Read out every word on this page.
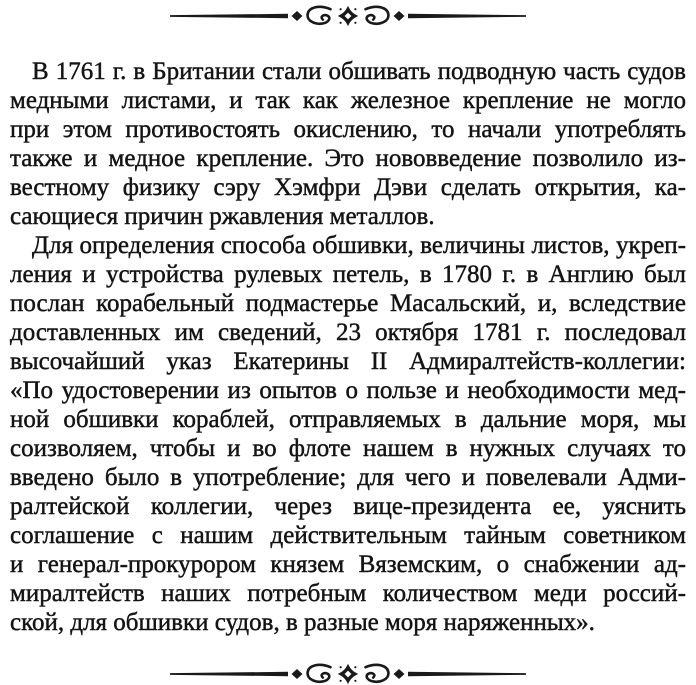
В 1761 г. в Британии стали обшивать подводную часть судов
медными листами, и так как железное крепление не могло
при этом противостоять окислению, то начали употреблять
также и медное крепление. Это нововведение позволило из-
вестному физику сэру Хэмфри Дэви сделать открытия, ка-
сающиеся причин ржавления металлов.
Для определения способа обшивки, величины листов, укреп-
ления и устройства рулевых петель, в 1780 г. в Англию был
послан корабельный подмастерье Масальский, и, вследствие
доставленных им сведений, 23 октября 1781 г. последовал
высочайший указ Екатерины II Адмиралтейств-коллегии:
«По удостоверении из опытов о пользе и необходимости мед-
ной обшивки кораблей, отправляемых в дальние моря, мы
соизволяем, чтобы и во флоте нашем в нужных случаях то
введено было в употребление; для чего и повелевали Адми-
ралтейской коллегии, через вице-президента ее, уяснить
соглашение с нашим действительным тайным советником
и генерал-прокурором князем Вяземским, о снабжении ад-
миралтейств наших потребным количеством меди россий-
ской, для обшивки судов, в разные моря наряженных».
